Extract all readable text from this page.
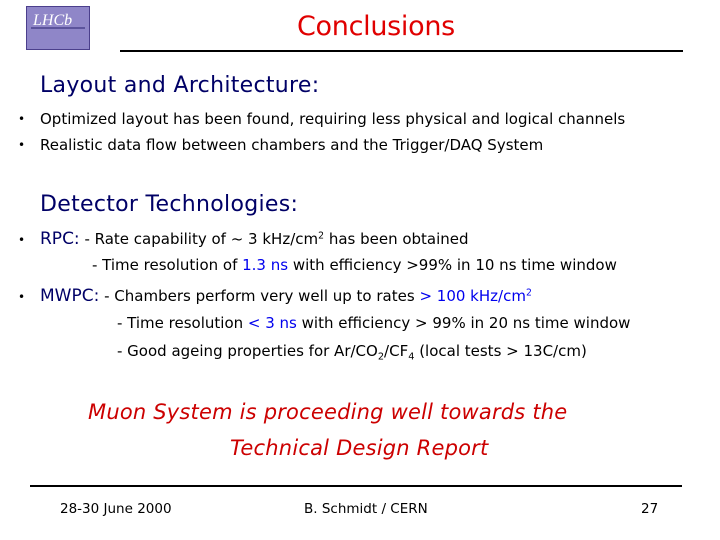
LHCb	Conclusions
Layout and Architecture:
• Optimized layout has been found, requiring less physical and logical channels
• Realistic data flow between chambers and the Trigger/DAQ System
Detector Technologies:
• RPC: - Rate capability of ~ 3 kHz/$cm^2$ has been obtained
- Time resolution of 1.3 ns with efficiency >99% in 10 ns time window
• MWPC: - Chambers perform very well up to rates > 100 kHz/$cm^2$
- Time resolution < 3 ns with efficiency > 99% in 20 ns time window
- Good ageing properties for $Ar/CO_2/CF_4$ (local tests > 13C/cm)
Muon System is proceeding well towards the
Technical Design Report
28-30 June 2000	B. Schmidt / CERN	27
